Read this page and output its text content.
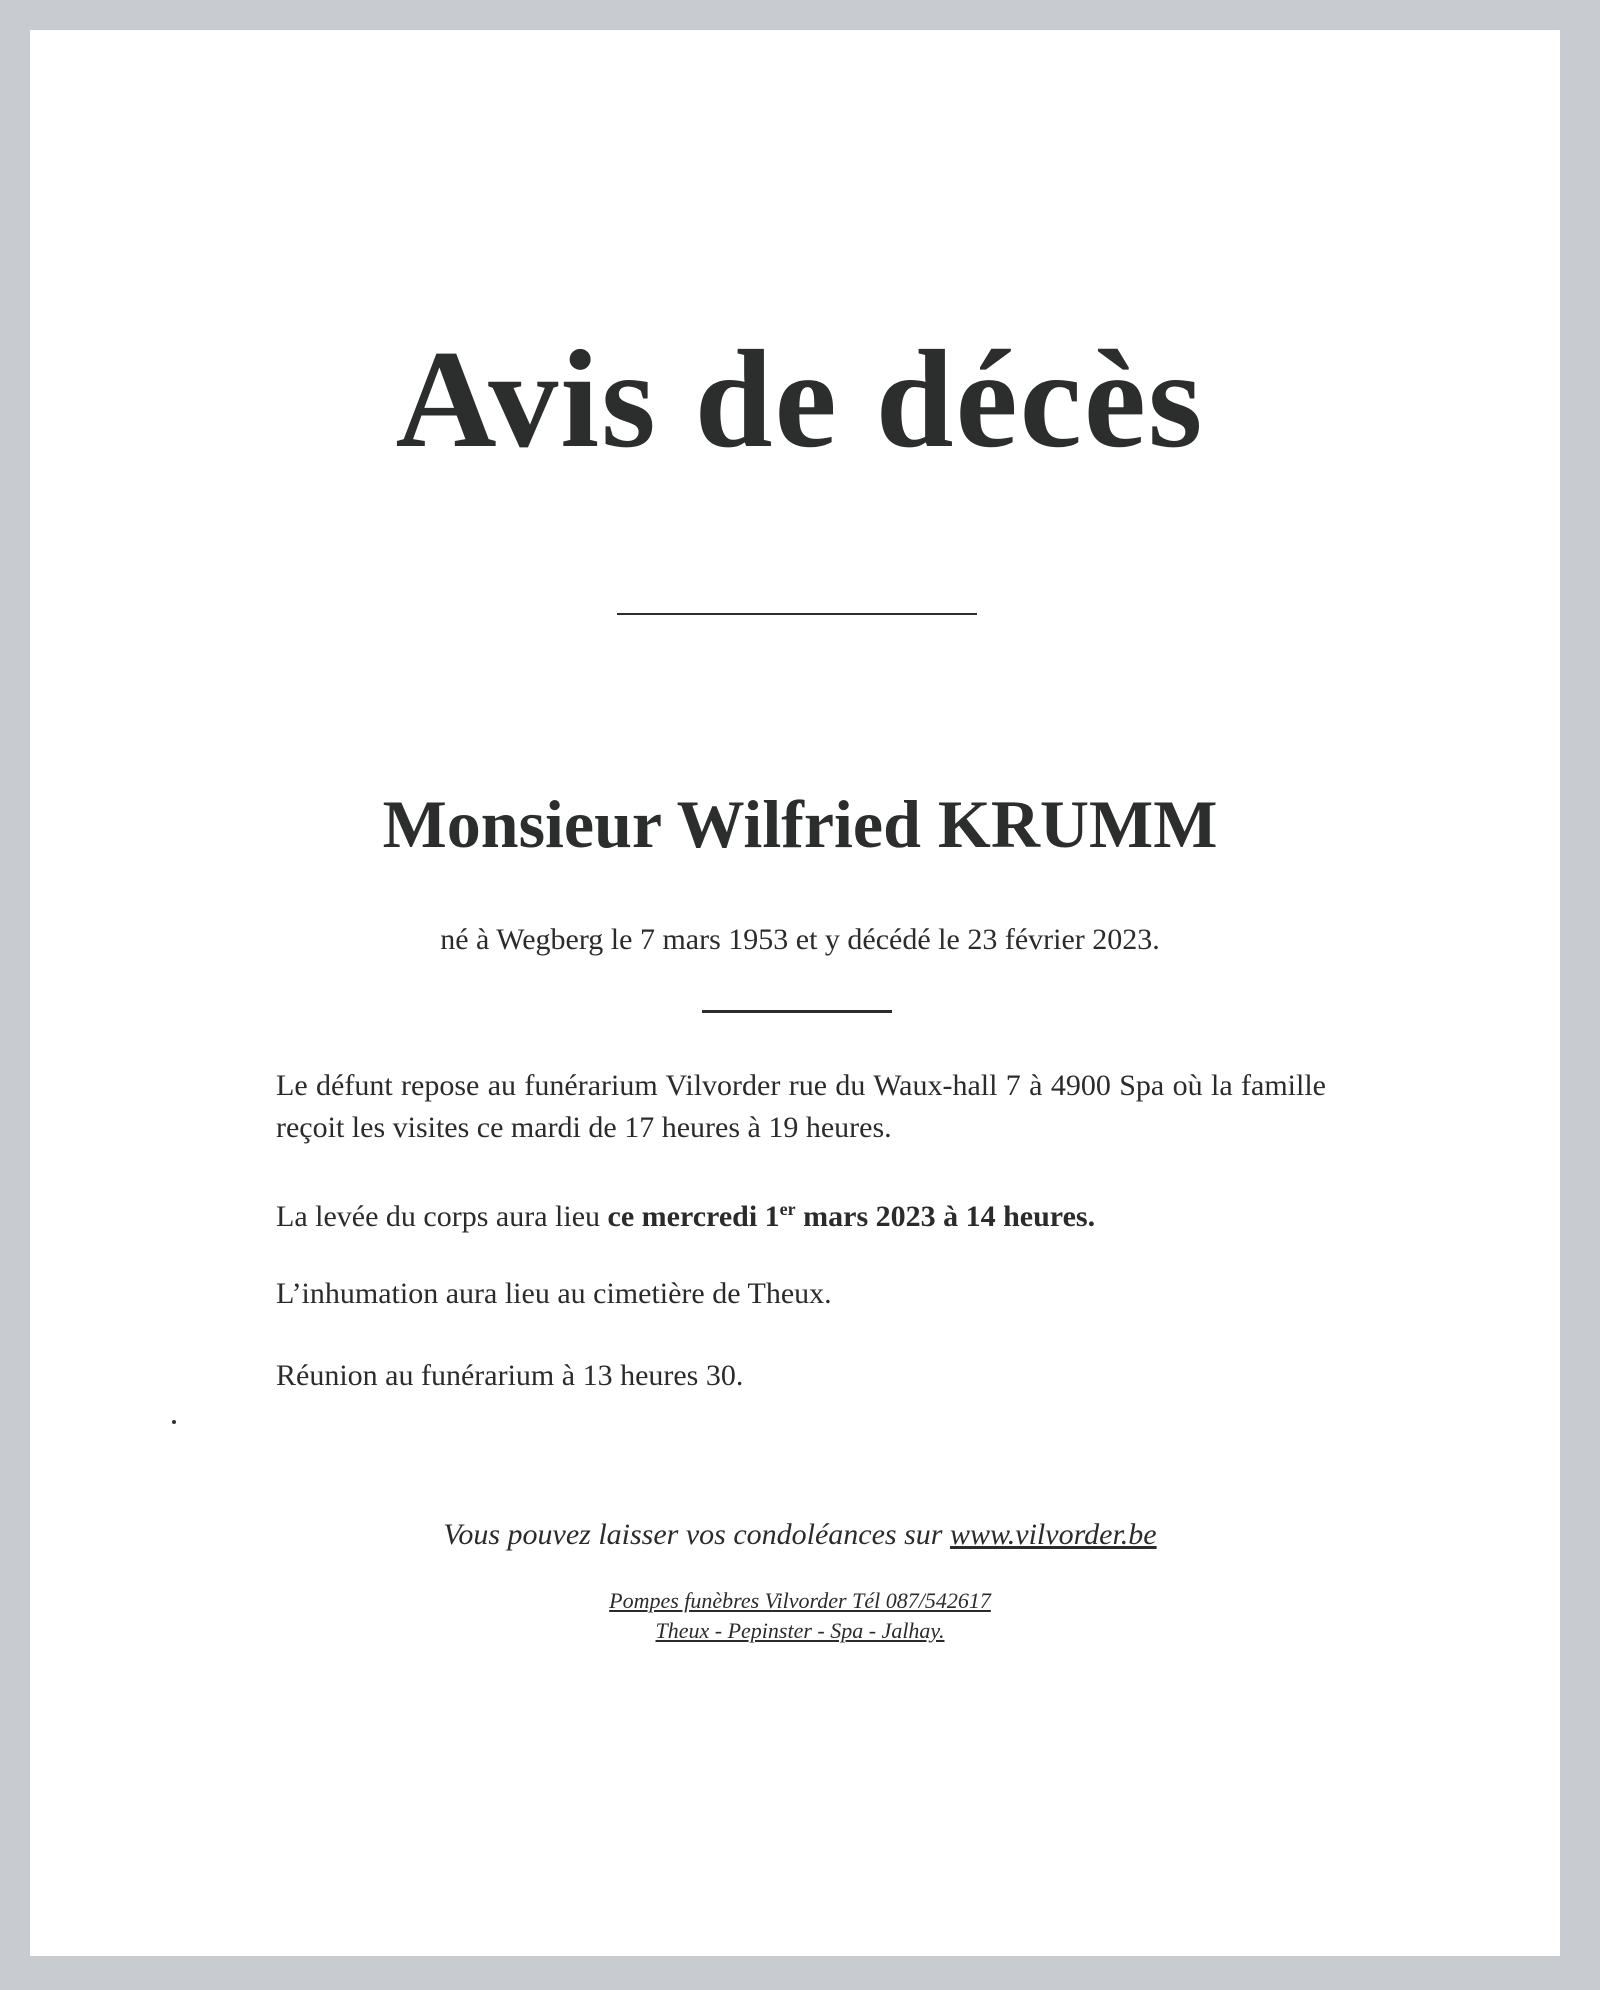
Avis de décès
Monsieur Wilfried KRUMM
né à Wegberg le 7 mars 1953 et y décédé le 23 février 2023.
Le défunt repose au funérarium Vilvorder rue du Waux-hall 7 à 4900 Spa où la famille reçoit les visites ce mardi de 17 heures à 19 heures.
La levée du corps aura lieu ce mercredi 1er mars 2023 à 14 heures.
L’inhumation aura lieu au cimetière de Theux.
Réunion au funérarium à 13 heures 30.
Vous pouvez laisser vos condoléances sur www.vilvorder.be
Pompes funèbres Vilvorder Tél 087/542617
Theux - Pepinster - Spa - Jalhay.
